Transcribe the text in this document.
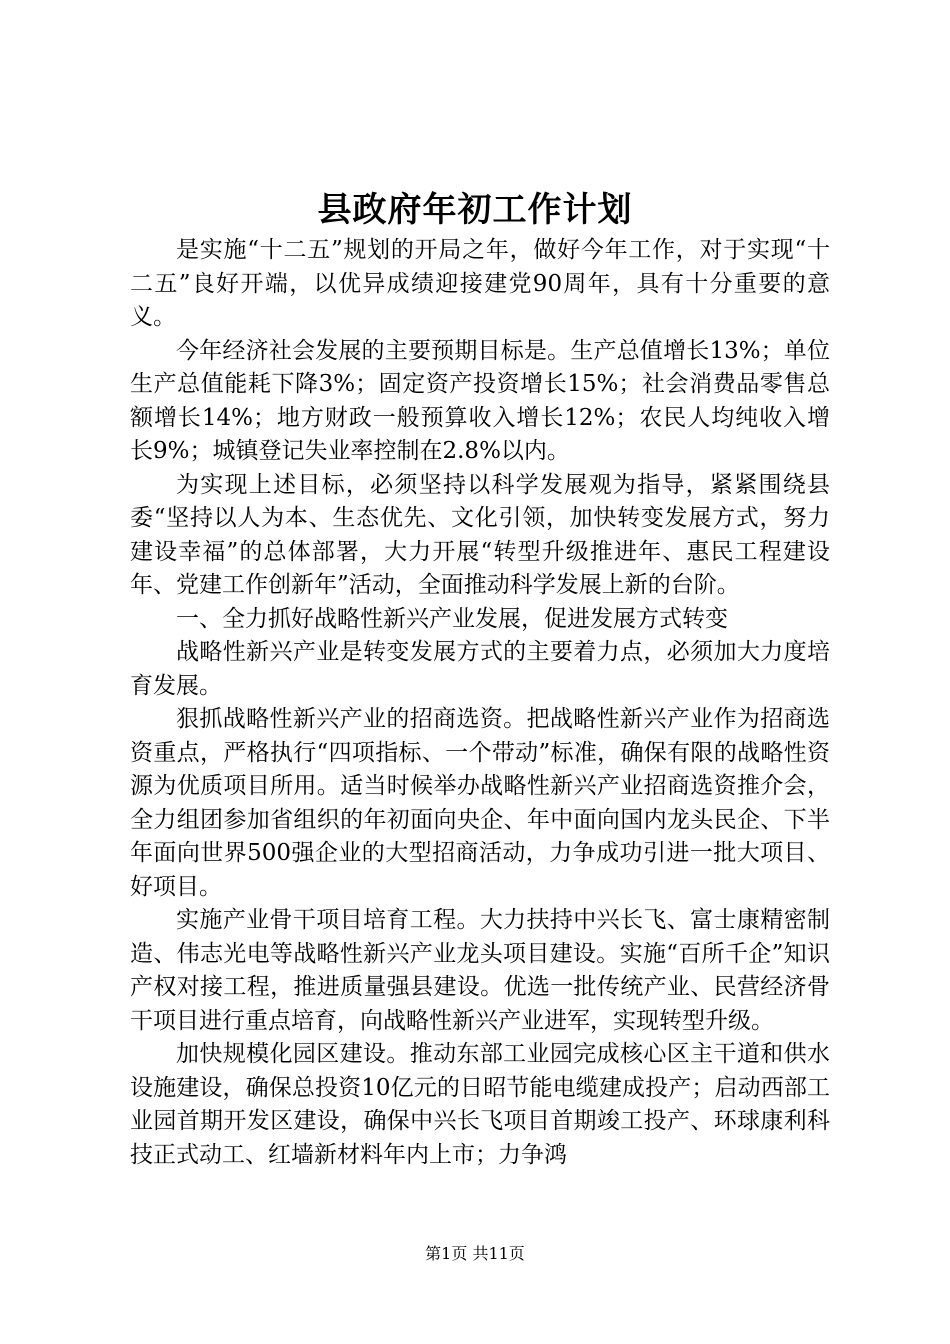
县政府年初工作计划

是实施“十二五”规划的开局之年，做好今年工作，对于实现“十二五”良好开端，以优异成绩迎接建党90周年，具有十分重要的意义。

今年经济社会发展的主要预期目标是。生产总值增长13%；单位生产总值能耗下降3%；固定资产投资增长15%；社会消费品零售总额增长14%；地方财政一般预算收入增长12%；农民人均纯收入增长9%；城镇登记失业率控制在2.8%以内。

为实现上述目标，必须坚持以科学发展观为指导，紧紧围绕县委“坚持以人为本、生态优先、文化引领，加快转变发展方式，努力建设幸福”的总体部署，大力开展“转型升级推进年、惠民工程建设年、党建工作创新年”活动，全面推动科学发展上新的台阶。

一、全力抓好战略性新兴产业发展，促进发展方式转变

战略性新兴产业是转变发展方式的主要着力点，必须加大力度培育发展。

狠抓战略性新兴产业的招商选资。把战略性新兴产业作为招商选资重点，严格执行“四项指标、一个带动”标准，确保有限的战略性资源为优质项目所用。适当时候举办战略性新兴产业招商选资推介会，全力组团参加省组织的年初面向央企、年中面向国内龙头民企、下半年面向世界500强企业的大型招商活动，力争成功引进一批大项目、好项目。

实施产业骨干项目培育工程。大力扶持中兴长飞、富士康精密制造、伟志光电等战略性新兴产业龙头项目建设。实施“百所千企”知识产权对接工程，推进质量强县建设。优选一批传统产业、民营经济骨干项目进行重点培育，向战略性新兴产业进军，实现转型升级。

加快规模化园区建设。推动东部工业园完成核心区主干道和供水设施建设，确保总投资10亿元的日昭节能电缆建成投产；启动西部工业园首期开发区建设，确保中兴长飞项目首期竣工投产、环球康利科技正式动工、红墙新材料年内上市；力争鸿

第1页 共11页
